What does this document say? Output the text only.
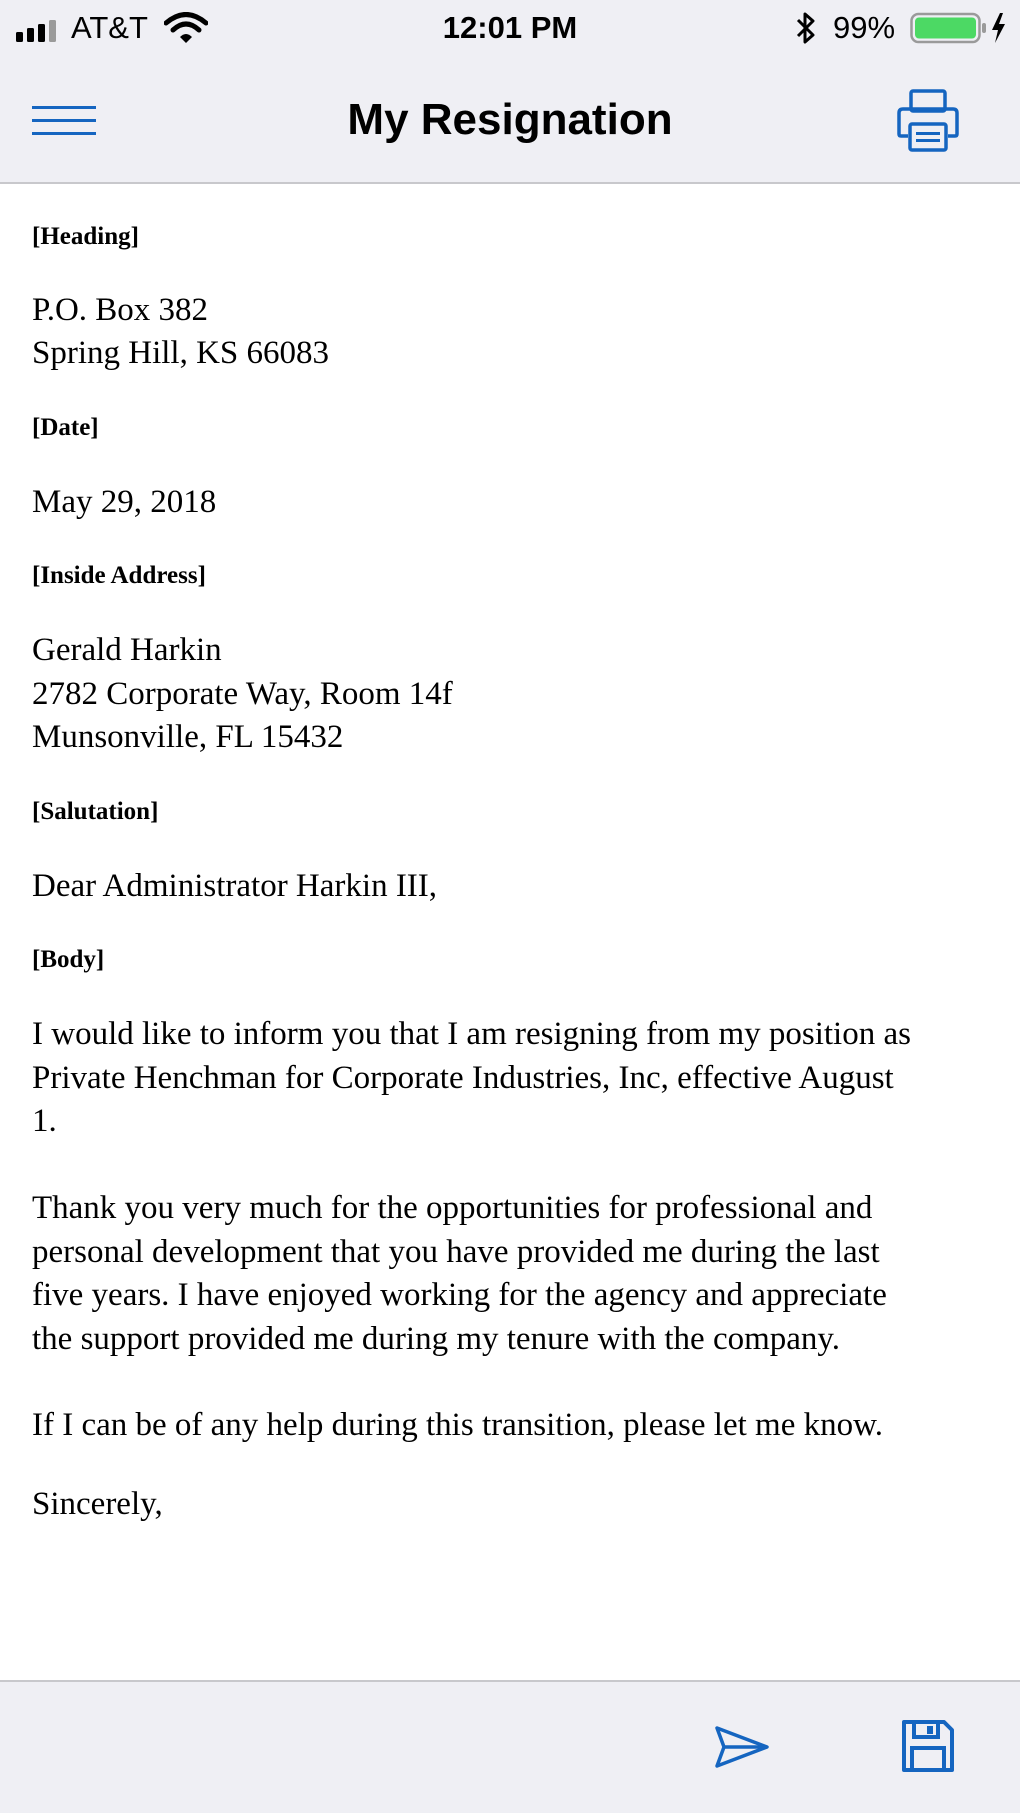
AT&T	12:01 PM	99%
My Resignation
[Heading]
P.O. Box 382
Spring Hill, KS 66083
[Date]
May 29, 2018
[Inside Address]
Gerald Harkin
2782 Corporate Way, Room 14f
Munsonville, FL 15432
[Salutation]
Dear Administrator Harkin III,
[Body]
I would like to inform you that I am resigning from my position as
Private Henchman for Corporate Industries, Inc, effective August
1.
Thank you very much for the opportunities for professional and
personal development that you have provided me during the last
five years. I have enjoyed working for the agency and appreciate
the support provided me during my tenure with the company.
If I can be of any help during this transition, please let me know.
Sincerely,
